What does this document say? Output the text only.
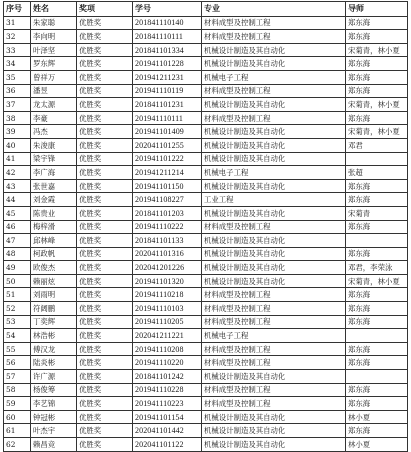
序号	姓名	奖项	学号	专业	导师
31	朱家聪	优胜奖	201841110140	材料成型及控制工程	郑东海
32	李向明	优胜奖	201841110111	材料成型及控制工程	郑东海
33	叶泽坚	优胜奖	201841101334	机械设计制造及其自动化	宋菊青，林小夏
34	罗东辉	优胜奖	201941101228	机械设计制造及其自动化	郑东海
35	曾祥万	优胜奖	201941211231	机械电子工程	郑东海
36	潘昱	优胜奖	201941110119	材料成型及控制工程	郑东海
37	龙太源	优胜奖	201841101231	机械设计制造及其自动化	宋菊青，林小夏
38	李豪	优胜奖	201941110111	材料成型及控制工程	郑东海
39	冯杰	优胜奖	201941101409	机械设计制造及其自动化	宋菊青，林小夏
40	朱浚康	优胜奖	202041101255	机械设计制造及其自动化	邓君
41	梁宇锋	优胜奖	201941101222	机械设计制造及其自动化	
42	李广海	优胜奖	201941211214	机械电子工程	张超
43	张世嘉	优胜奖	201941101150	机械设计制造及其自动化	郑东海
44	刘金霞	优胜奖	201941108227	工业工程	郑东海
45	陈贵业	优胜奖	201841101203	机械设计制造及其自动化	宋菊青
46	梅梓滑	优胜奖	201941110222	材料成型及控制工程	郑东海
47	邱林峰	优胜奖	201841101133	机械设计制造及其自动化	
48	柯政帆	优胜奖	202041101316	机械设计制造及其自动化	郑东海
49	欧俊杰	优胜奖	202041201226	机械设计制造及其自动化	邓君，李荣泳
50	赖丽炫	优胜奖	201941101320	机械设计制造及其自动化	宋菊青，林小夏
51	刘雨明	优胜奖	201941110218	材料成型及控制工程	郑东海
52	符阔鹏	优胜奖	201941110103	材料成型及控制工程	郑东海
53	丁奕辉	优胜奖	201941110205	材料成型及控制工程	郑东海
54	林浩彬	优胜奖	202041211221	机械电子工程	
55	傅汉龙	优胜奖	201941110208	材料成型及控制工程	郑东海
56	陆炎彬	优胜奖	201941110220	材料成型及控制工程	郑东海
57	许广源	优胜奖	201841101242	机械设计制造及其自动化	
58	杨俊筹	优胜奖	201941110228	材料成型及控制工程	郑东海
59	李艺锦	优胜奖	201941110223	材料成型及控制工程	郑东海
60	钟冠彬	优胜奖	201941101154	机械设计制造及其自动化	林小夏
61	叶杰宇	优胜奖	202041101442	机械设计制造及其自动化	郑东海
62	赖昌竞	优胜奖	202041101122	机械设计制造及其自动化	林小夏
